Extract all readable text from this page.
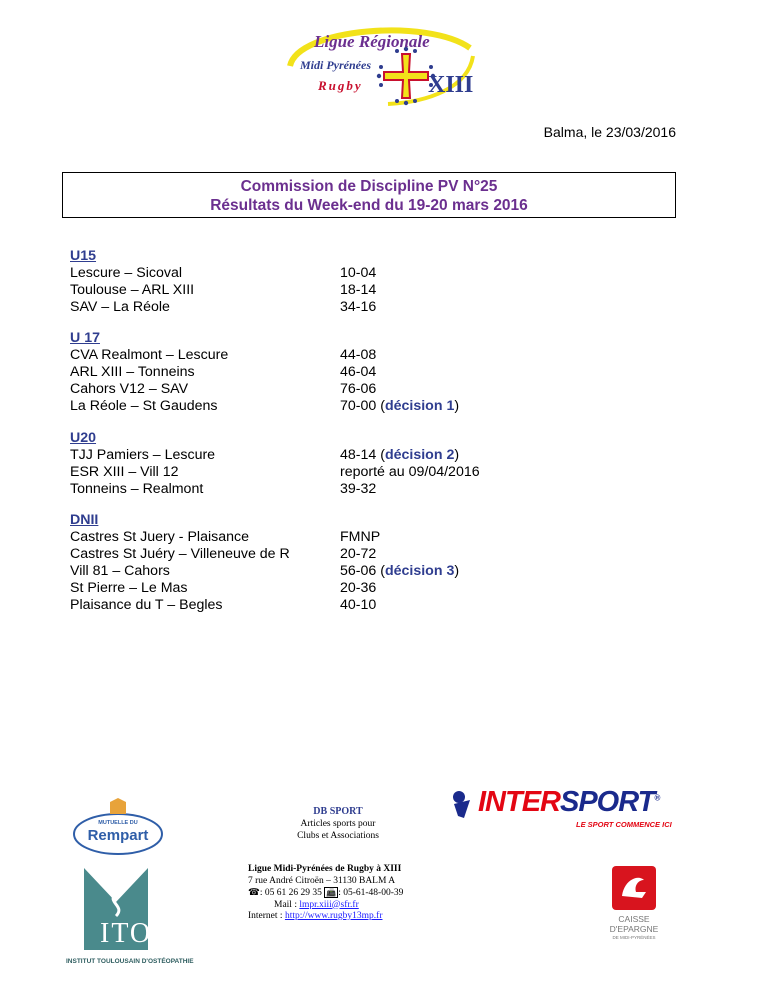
Ligue Régionale
Midi Pyrénées
Rugby	XIII
Balma, le 23/03/2016
Commission de Discipline PV N°25
Résultats du Week-end du 19-20 mars 2016
U15
Lescure – Sicoval	10-04
Toulouse – ARL XIII	18-14
SAV – La Réole	34-16
U 17
CVA Realmont – Lescure	44-08
ARL XIII – Tonneins	46-04
Cahors V12 – SAV	76-06
La Réole – St Gaudens	70-00 (décision 1)
U20
TJJ Pamiers – Lescure	48-14 (décision 2)
ESR XIII – Vill 12	reporté au 09/04/2016
Tonneins – Realmont	39-32
DNII
Castres St Juery - Plaisance	FMNP
Castres St Juéry – Villeneuve de R	20-72
Vill 81 – Cahors	56-06 (décision 3)
St Pierre – Le Mas	20-36
Plaisance du T – Begles	40-10
MUTUELLE DU
Rempart
DB SPORT
Articles sports pour
Clubs et Associations
INTERSPORT®
LE SPORT COMMENCE ICI
ITO
INSTITUT TOULOUSAIN D'OSTÉOPATHIE
Ligue Midi-Pyrénées de Rugby à XIII
7 rue André Citroën – 31130 BALM A
☎: 05 61 26 29 35 📠 : 05-61-48-00-39
Mail : lmpr.xiii@sfr.fr
Internet : http://www.rugby13mp.fr	CAISSE
D'EPARGNE
DE MIDI-PYRÉNÉES
